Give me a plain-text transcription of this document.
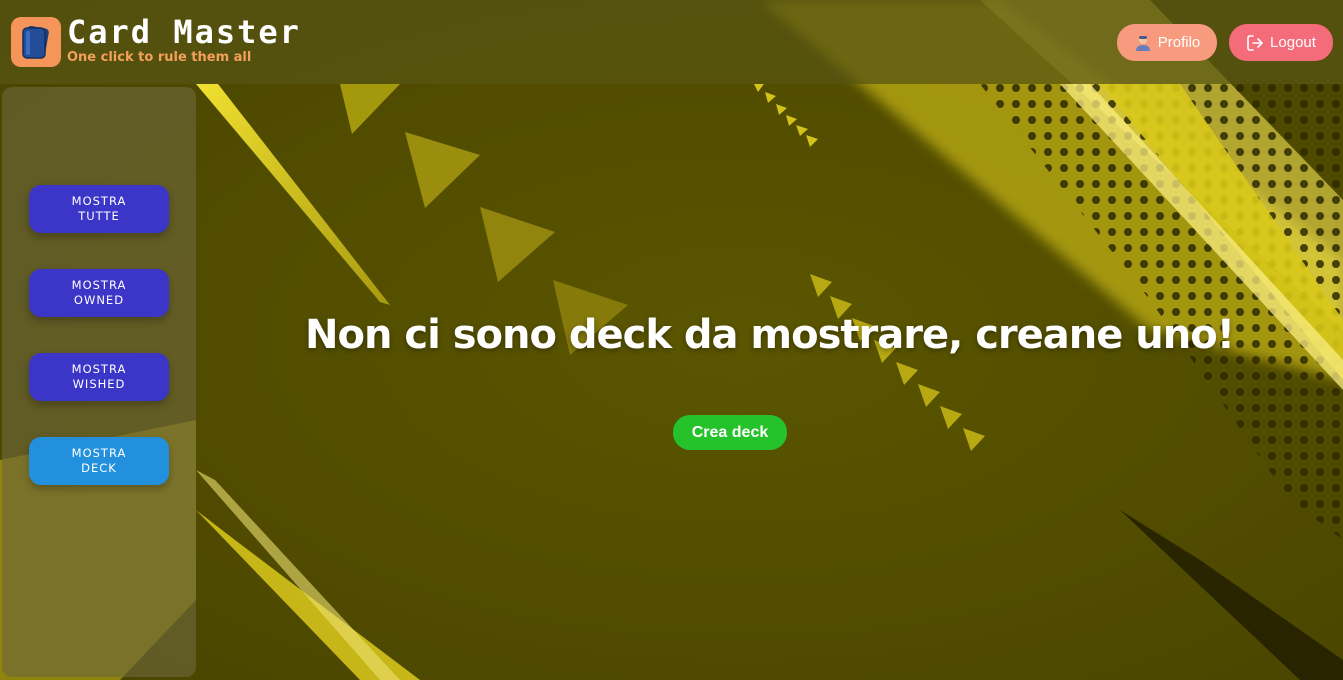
Card Master
One click to rule them all
Profilo	Logout
MOSTRA
TUTTE
MOSTRA
OWNED
MOSTRA
WISHED
MOSTRA
DECK
Non ci sono deck da mostrare, creane uno!
Crea deck
